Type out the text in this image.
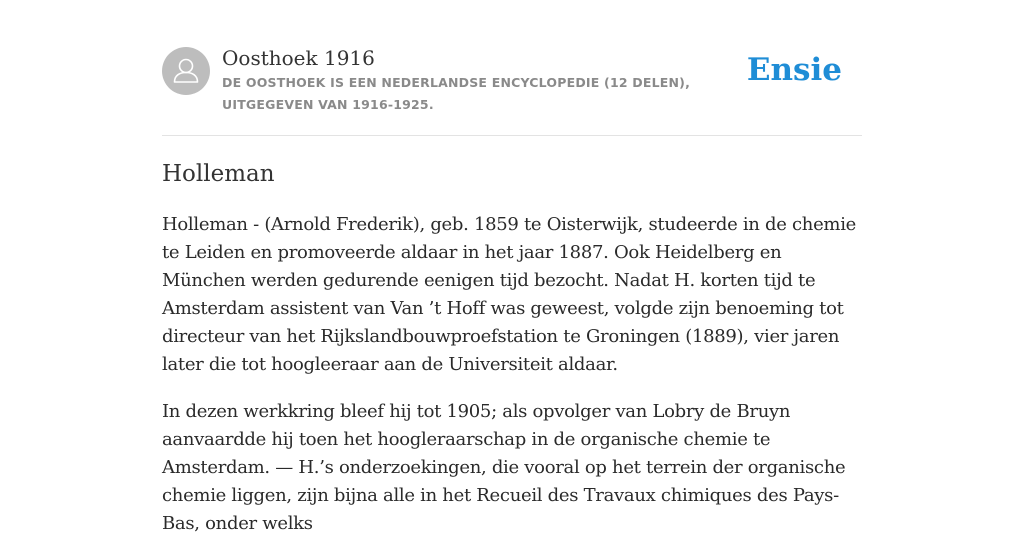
Oosthoek 1916
DE OOSTHOEK IS EEN NEDERLANDSE ENCYCLOPEDIE (12 DELEN), UITGEGEVEN VAN 1916-1925.
Ensie
Holleman

Holleman - (Arnold Frederik), geb. 1859 te Oisterwijk, studeerde in de chemie te Leiden en promoveerde aldaar in het jaar 1887. Ook Heidelberg en München werden gedurende eenigen tijd bezocht. Nadat H. korten tijd te Amsterdam assistent van Van ’t Hoff was geweest, volgde zijn benoeming tot directeur van het Rijkslandbouwproefstation te Groningen (1889), vier jaren later die tot hoogleeraar aan de Universiteit aldaar.

In dezen werkkring bleef hij tot 1905; als opvolger van Lobry de Bruyn aanvaardde hij toen het hoogleraarschap in de organische chemie te Amsterdam. — H.’s onderzoekingen, die vooral op het terrein der organische chemie liggen, zijn bijna alle in het Recueil des Travaux chimiques des Pays-Bas, onder welks
